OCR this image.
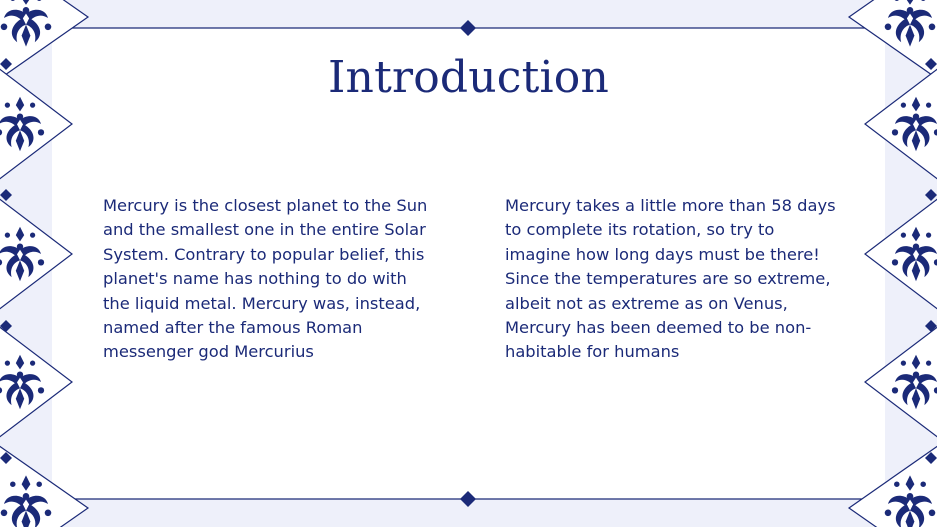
Introduction

Mercury is the closest planet to the Sun and the smallest one in the entire Solar System. Contrary to popular belief, this planet's name has nothing to do with the liquid metal. Mercury was, instead, named after the famous Roman messenger god Mercurius

Mercury takes a little more than 58 days to complete its rotation, so try to imagine how long days must be there! Since the temperatures are so extreme, albeit not as extreme as on Venus, Mercury has been deemed to be non-habitable for humans
